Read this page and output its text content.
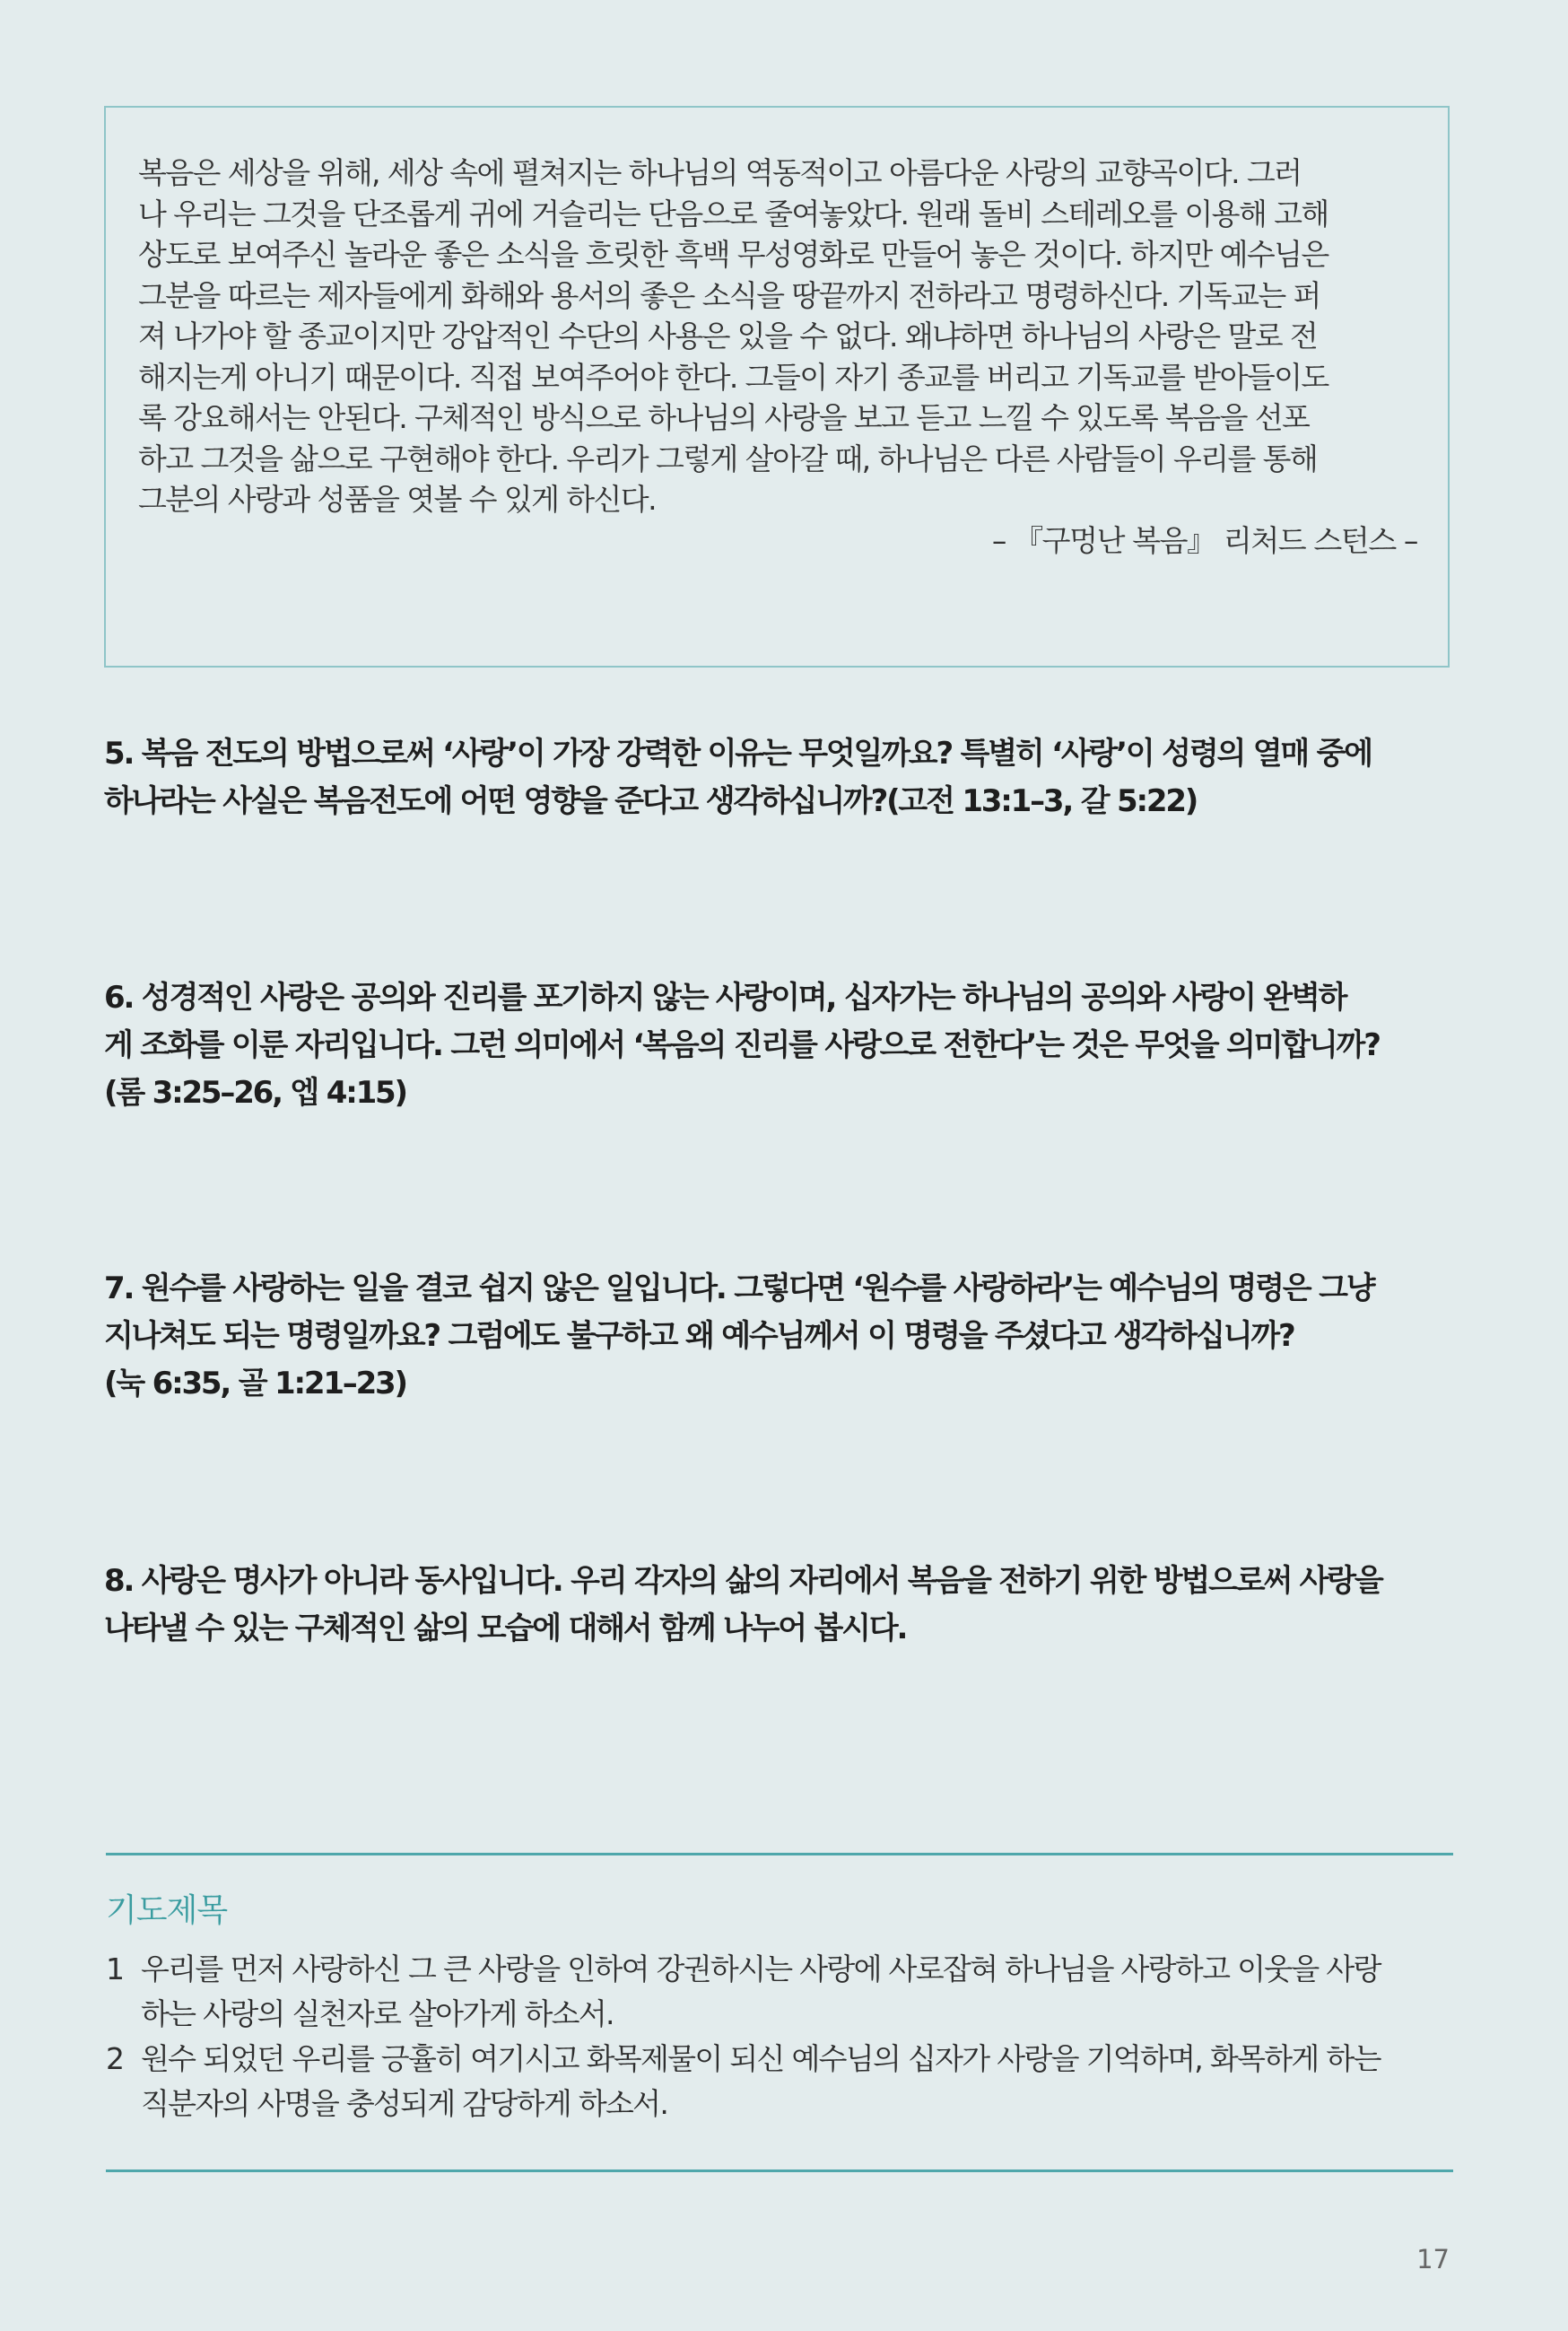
복음은 세상을 위해, 세상 속에 펼쳐지는 하나님의 역동적이고 아름다운 사랑의 교향곡이다. 그러

나 우리는 그것을 단조롭게 귀에 거슬리는 단음으로 줄여놓았다. 원래 돌비 스테레오를 이용해 고해

상도로 보여주신 놀라운 좋은 소식을 흐릿한 흑백 무성영화로 만들어 놓은 것이다. 하지만 예수님은

그분을 따르는 제자들에게 화해와 용서의 좋은 소식을 땅끝까지 전하라고 명령하신다. 기독교는 퍼

져 나가야 할 종교이지만 강압적인 수단의 사용은 있을 수 없다. 왜냐하면 하나님의 사랑은 말로 전

해지는게 아니기 때문이다. 직접 보여주어야 한다. 그들이 자기 종교를 버리고 기독교를 받아들이도

록 강요해서는 안된다. 구체적인 방식으로 하나님의 사랑을 보고 듣고 느낄 수 있도록 복음을 선포

하고 그것을 삶으로 구현해야 한다. 우리가 그렇게 살아갈 때, 하나님은 다른 사람들이 우리를 통해

그분의 사랑과 성품을 엿볼 수 있게 하신다.

– 『구멍난 복음』 리처드 스턴스 –

5. 복음 전도의 방법으로써 ‘사랑’이 가장 강력한 이유는 무엇일까요? 특별히 ‘사랑’이 성령의 열매 중에
하나라는 사실은 복음전도에 어떤 영향을 준다고 생각하십니까?(고전 13:1–3, 갈 5:22)
6. 성경적인 사랑은 공의와 진리를 포기하지 않는 사랑이며, 십자가는 하나님의 공의와 사랑이 완벽하
게 조화를 이룬 자리입니다. 그런 의미에서 ‘복음의 진리를 사랑으로 전한다’는 것은 무엇을 의미합니까?
(롬 3:25–26, 엡 4:15)
7. 원수를 사랑하는 일을 결코 쉽지 않은 일입니다. 그렇다면 ‘원수를 사랑하라’는 예수님의 명령은 그냥
지나쳐도 되는 명령일까요? 그럼에도 불구하고 왜 예수님께서 이 명령을 주셨다고 생각하십니까?
(눅 6:35, 골 1:21–23)
8. 사랑은 명사가 아니라 동사입니다. 우리 각자의 삶의 자리에서 복음을 전하기 위한 방법으로써 사랑을
나타낼 수 있는 구체적인 삶의 모습에 대해서 함께 나누어 봅시다.

기도제목

1 우리를 먼저 사랑하신 그 큰 사랑을 인하여 강권하시는 사랑에 사로잡혀 하나님을 사랑하고 이웃을 사랑
하는 사랑의 실천자로 살아가게 하소서.
2 원수 되었던 우리를 긍휼히 여기시고 화목제물이 되신 예수님의 십자가 사랑을 기억하며, 화목하게 하는
직분자의 사명을 충성되게 감당하게 하소서.

17
